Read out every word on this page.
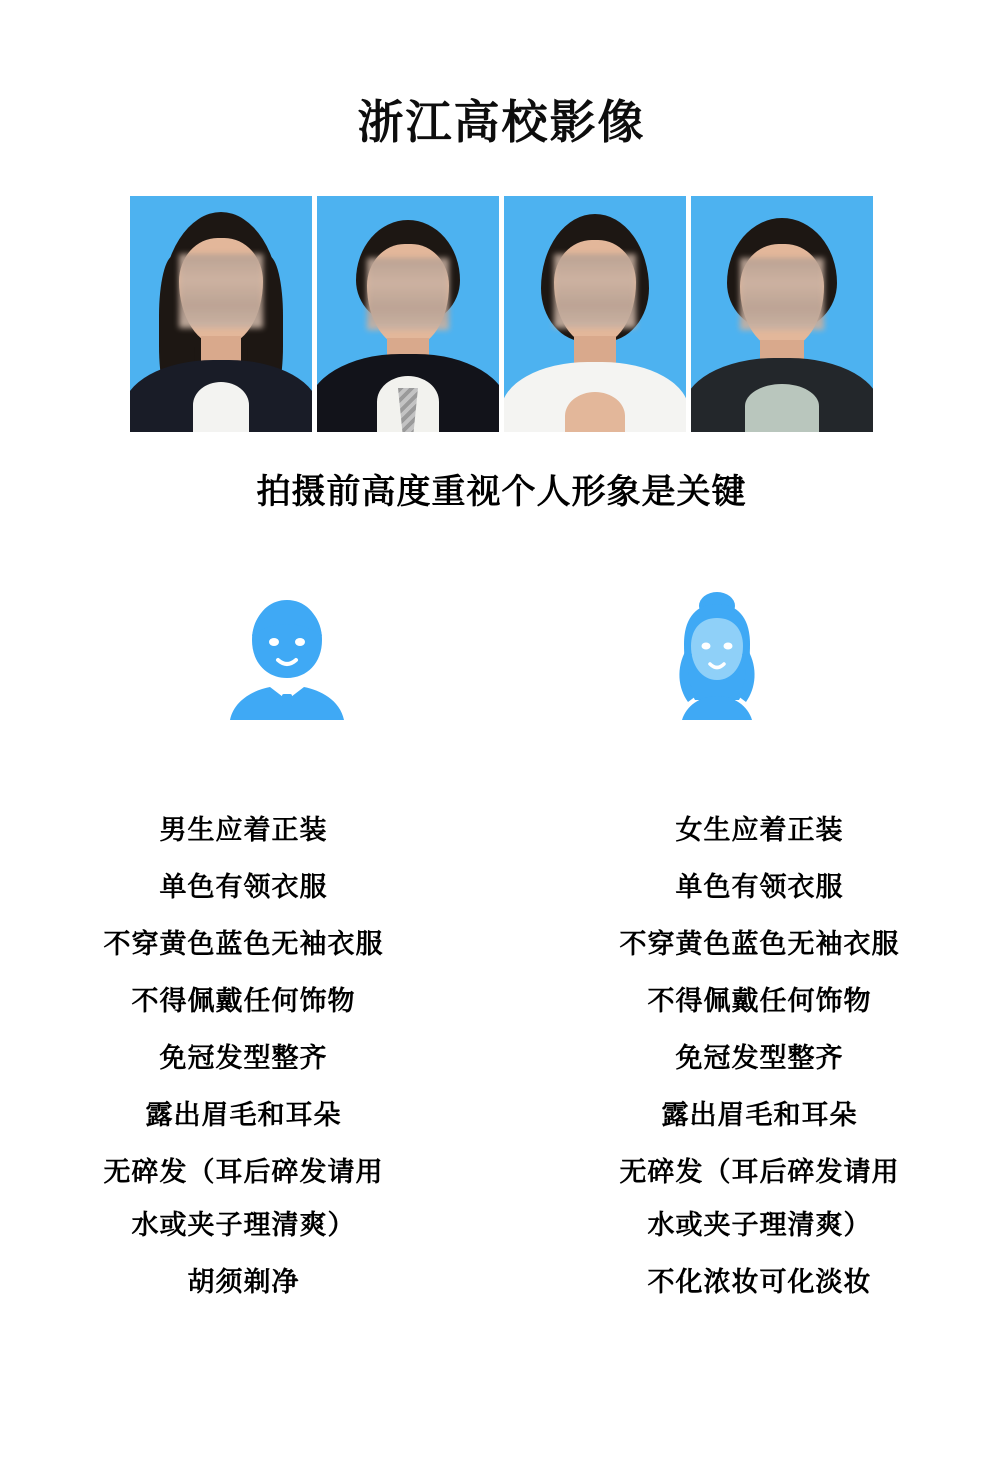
浙江高校影像
拍摄前高度重视个人形象是关键

男生应着正装

单色有领衣服

不穿黄色蓝色无袖衣服

不得佩戴任何饰物

免冠发型整齐

露出眉毛和耳朵

无碎发（耳后碎发请用

水或夹子理清爽）

胡须剃净

女生应着正装

单色有领衣服

不穿黄色蓝色无袖衣服

不得佩戴任何饰物

免冠发型整齐

露出眉毛和耳朵

无碎发（耳后碎发请用

水或夹子理清爽）

不化浓妆可化淡妆
